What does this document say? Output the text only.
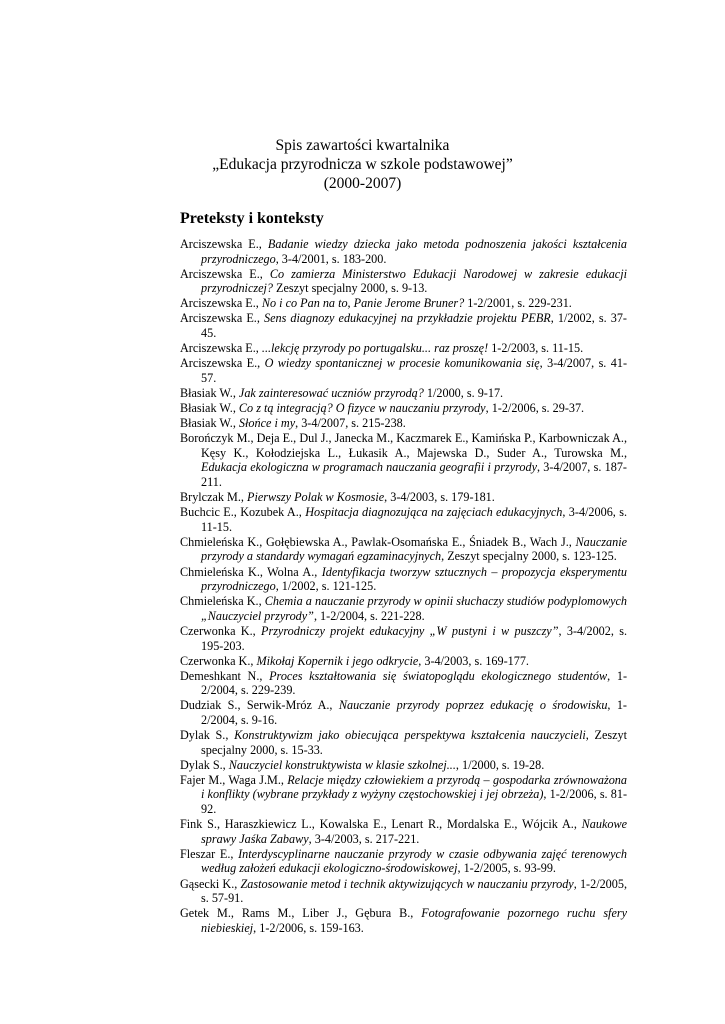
Spis zawartości kwartalnika
„Edukacja przyrodnicza w szkole podstawowej”
(2000-2007)
Preteksty i konteksty
Arciszewska E., Badanie wiedzy dziecka jako metoda podnoszenia jakości kształcenia przyrodniczego, 3-4/2001, s. 183-200.
Arciszewska E., Co zamierza Ministerstwo Edukacji Narodowej w zakresie edukacji przyrodniczej? Zeszyt specjalny 2000, s. 9-13.
Arciszewska E., No i co Pan na to, Panie Jerome Bruner? 1-2/2001, s. 229-231.
Arciszewska E., Sens diagnozy edukacyjnej na przykładzie projektu PEBR, 1/2002, s. 37-45.
Arciszewska E., ...lekcję przyrody po portugalsku... raz proszę! 1-2/2003, s. 11-15.
Arciszewska E., O wiedzy spontanicznej w procesie komunikowania się, 3-4/2007, s. 41-57.
Błasiak W., Jak zainteresować uczniów przyrodą? 1/2000, s. 9-17.
Błasiak W., Co z tą integracją? O fizyce w nauczaniu przyrody, 1-2/2006, s. 29-37.
Błasiak W., Słońce i my, 3-4/2007, s. 215-238.
Borończyk M., Deja E., Dul J., Janecka M., Kaczmarek E., Kamińska P., Karbowniczak A., Kęsy K., Kołodziejska L., Łukasik A., Majewska D., Suder A., Turowska M., Edukacja ekologiczna w programach nauczania geografii i przyrody, 3-4/2007, s. 187-211.
Brylczak M., Pierwszy Polak w Kosmosie, 3-4/2003, s. 179-181.
Buchcic E., Kozubek A., Hospitacja diagnozująca na zajęciach edukacyjnych, 3-4/2006, s. 11-15.
Chmieleńska K., Gołębiewska A., Pawlak-Osomańska E., Śniadek B., Wach J., Nauczanie przyrody a standardy wymagań egzaminacyjnych, Zeszyt specjalny 2000, s. 123-125.
Chmieleńska K., Wolna A., Identyfikacja tworzyw sztucznych – propozycja eksperymentu przyrodniczego, 1/2002, s. 121-125.
Chmieleńska K., Chemia a nauczanie przyrody w opinii słuchaczy studiów podyplomowych „Nauczyciel przyrody”, 1-2/2004, s. 221-228.
Czerwonka K., Przyrodniczy projekt edukacyjny „W pustyni i w puszczy”, 3-4/2002, s. 195-203.
Czerwonka K., Mikołaj Kopernik i jego odkrycie, 3-4/2003, s. 169-177.
Demeshkant N., Proces kształtowania się światopoglądu ekologicznego studentów, 1-2/2004, s. 229-239.
Dudziak S., Serwik-Mróz A., Nauczanie przyrody poprzez edukację o środowisku, 1-2/2004, s. 9-16.
Dylak S., Konstruktywizm jako obiecująca perspektywa kształcenia nauczycieli, Zeszyt specjalny 2000, s. 15-33.
Dylak S., Nauczyciel konstruktywista w klasie szkolnej..., 1/2000, s. 19-28.
Fajer M., Waga J.M., Relacje między człowiekiem a przyrodą – gospodarka zrównoważona i konflikty (wybrane przykłady z wyżyny częstochowskiej i jej obrzeża), 1-2/2006, s. 81-92.
Fink S., Haraszkiewicz L., Kowalska E., Lenart R., Mordalska E., Wójcik A., Naukowe sprawy Jaśka Zabawy, 3-4/2003, s. 217-221.
Fleszar E., Interdyscyplinarne nauczanie przyrody w czasie odbywania zajęć terenowych według założeń edukacji ekologiczno-środowiskowej, 1-2/2005, s. 93-99.
Gąsecki K., Zastosowanie metod i technik aktywizujących w nauczaniu przyrody, 1-2/2005, s. 57-91.
Getek M., Rams M., Liber J., Gębura B., Fotografowanie pozornego ruchu sfery niebieskiej, 1-2/2006, s. 159-163.
